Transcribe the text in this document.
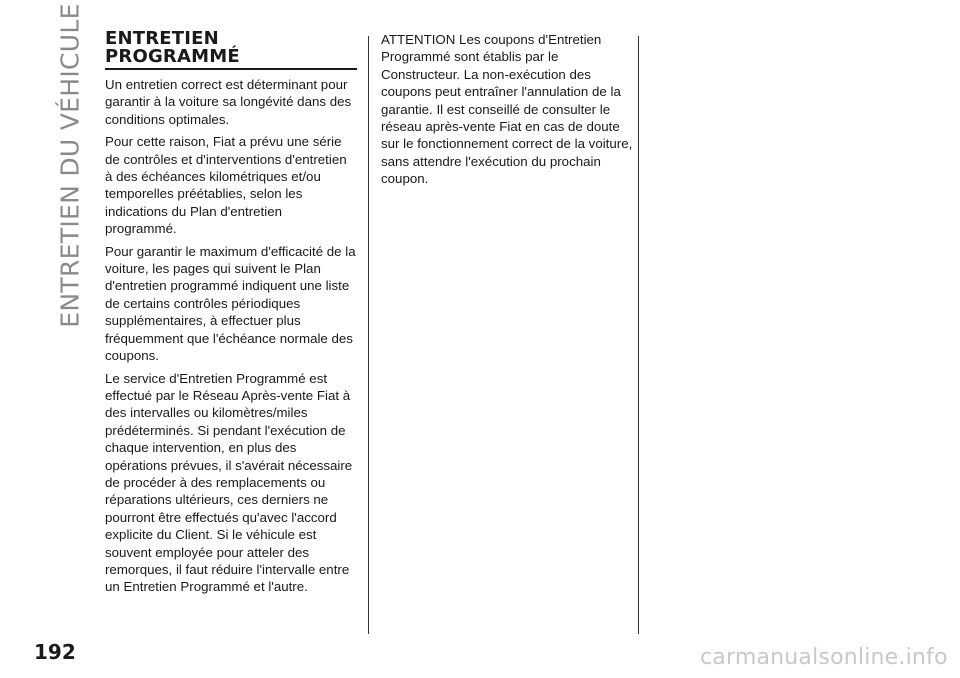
ENTRETIEN DU VÉHICULE ENTRETIEN
PROGRAMMÉ

Un entretien correct est déterminant pour garantir à la voiture sa longévité dans des conditions optimales.

Pour cette raison, Fiat a prévu une série de contrôles et d'interventions d'entretien à des échéances kilométriques et/ou temporelles préétablies, selon les indications du Plan d'entretien programmé.

Pour garantir le maximum d'efficacité de la voiture, les pages qui suivent le Plan d'entretien programmé indiquent une liste de certains contrôles périodiques supplémentaires, à effectuer plus fréquemment que l'échéance normale des coupons.

Le service d'Entretien Programmé est effectué par le Réseau Après-vente Fiat à des intervalles ou kilomètres/miles prédéterminés. Si pendant l'exécution de chaque intervention, en plus des opérations prévues, il s'avérait nécessaire de procéder à des remplacements ou réparations ultérieurs, ces derniers ne pourront être effectués qu'avec l'accord explicite du Client. Si le véhicule est souvent employée pour atteler des remorques, il faut réduire l'intervalle entre un Entretien Programmé et l'autre.

ATTENTION Les coupons d'Entretien Programmé sont établis par le Constructeur. La non-exécution des coupons peut entraîner l'annulation de la garantie. Il est conseillé de consulter le réseau après-vente Fiat en cas de doute sur le fonctionnement correct de la voiture, sans attendre l'exécution du prochain coupon.

192	carmanualsonline.info
